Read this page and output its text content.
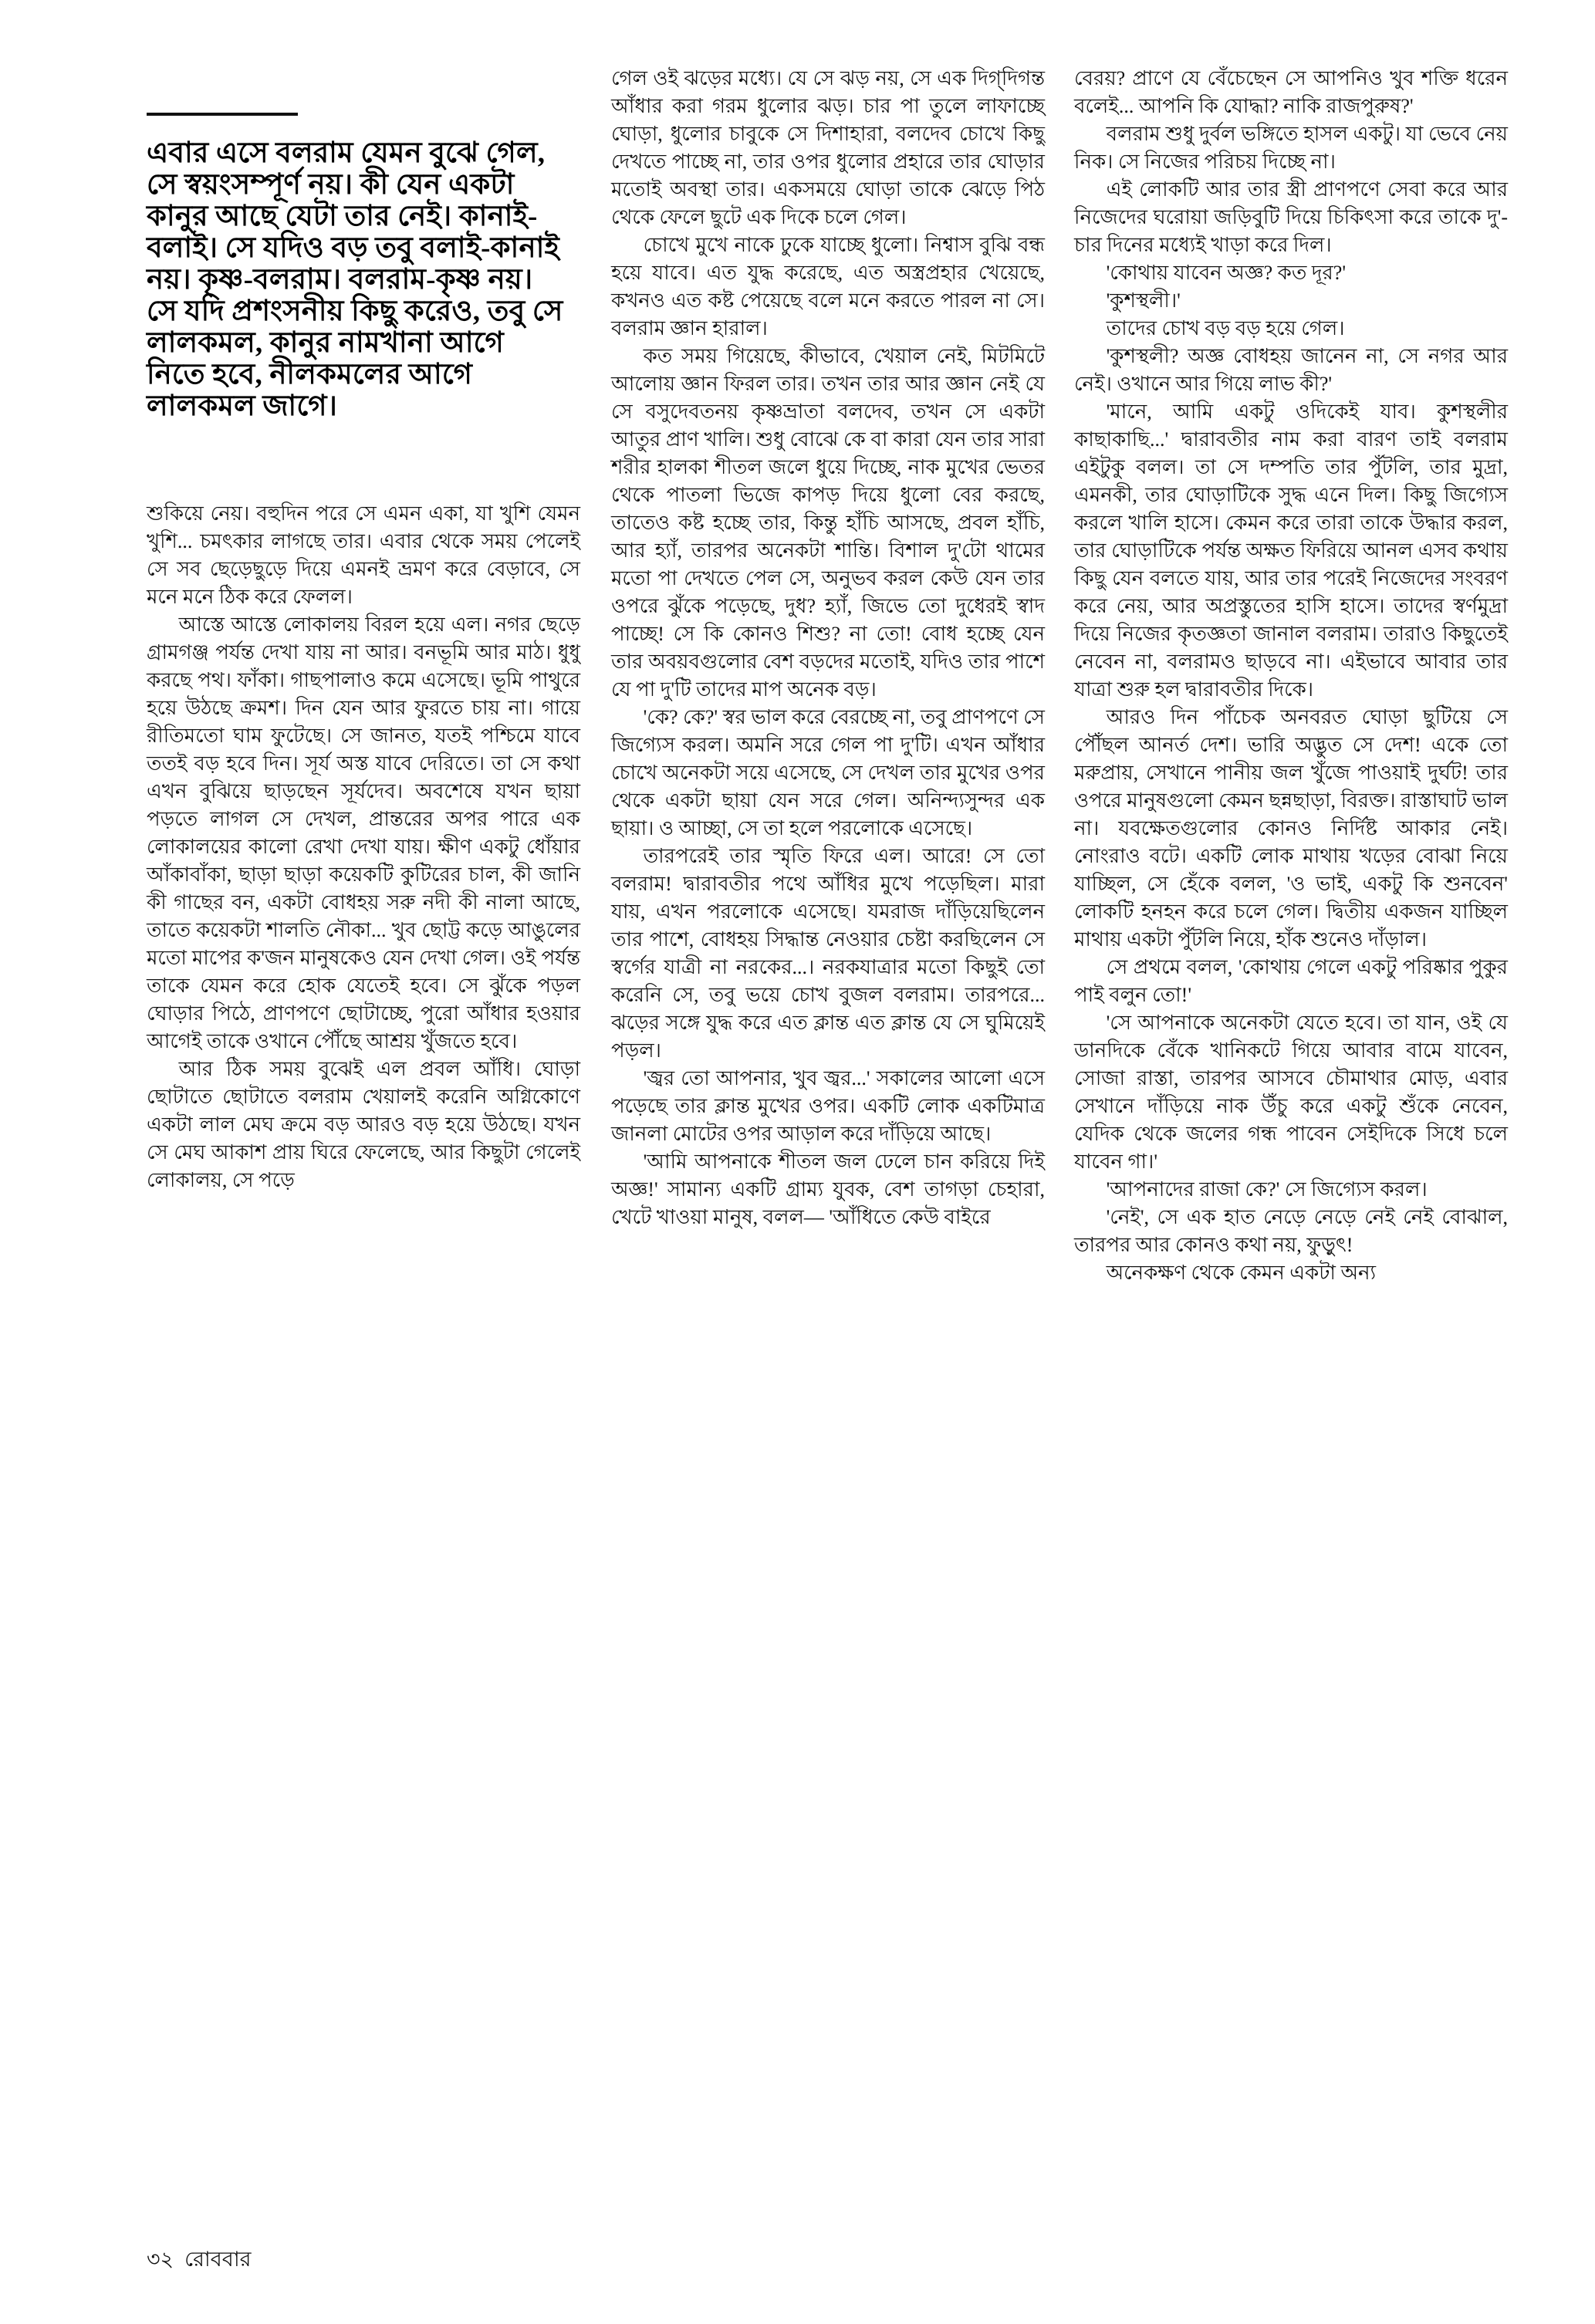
এবার এসে বলরাম যেমন বুঝে গেল, সে স্বয়ংসম্পূর্ণ নয়। কী যেন একটা কানুর আছে যেটা তার নেই। কানাই-বলাই। সে যদিও বড় তবু বলাই-কানাই নয়। কৃষ্ণ-বলরাম। বলরাম-কৃষ্ণ নয়। সে যদি প্রশংসনীয় কিছু করেও, তবু সে লালকমল, কানুর নামখানা আগে নিতে হবে, নীলকমলের আগে লালকমল জাগে।

শুকিয়ে নেয়। বহুদিন পরে সে এমন একা, যা খুশি যেমন খুশি... চমৎকার লাগছে তার। এবার থেকে সময় পেলেই সে সব ছেড়েছুড়ে দিয়ে এমনই ভ্রমণ করে বেড়াবে, সে মনে মনে ঠিক করে ফেলল।

আস্তে আস্তে লোকালয় বিরল হয়ে এল। নগর ছেড়ে গ্রামগঞ্জ পর্যন্ত দেখা যায় না আর। বনভূমি আর মাঠ। ধুধু করছে পথ। ফাঁকা। গাছপালাও কমে এসেছে। ভূমি পাথুরে হয়ে উঠছে ক্রমশ। দিন যেন আর ফুরতে চায় না। গায়ে রীতিমতো ঘাম ফুটেছে। সে জানত, যতই পশ্চিমে যাবে ততই বড় হবে দিন। সূর্য অস্ত যাবে দেরিতে। তা সে কথা এখন বুঝিয়ে ছাড়ছেন সূর্যদেব। অবশেষে যখন ছায়া পড়তে লাগল সে দেখল, প্রান্তরের অপর পারে এক লোকালয়ের কালো রেখা দেখা যায়। ক্ষীণ একটু ধোঁয়ার আঁকাবাঁকা, ছাড়া ছাড়া কয়েকটি কুটিরের চাল, কী জানি কী গাছের বন, একটা বোধহয় সরু নদী কী নালা আছে, তাতে কয়েকটা শালতি নৌকা... খুব ছোট্ট কড়ে আঙুলের মতো মাপের ক'জন মানুষকেও যেন দেখা গেল। ওই পর্যন্ত তাকে যেমন করে হোক যেতেই হবে। সে ঝুঁকে পড়ল ঘোড়ার পিঠে, প্রাণপণে ছোটাচ্ছে, পুরো আঁধার হওয়ার আগেই তাকে ওখানে পৌঁছে আশ্রয় খুঁজতে হবে।

আর ঠিক সময় বুঝেই এল প্রবল আঁধি। ঘোড়া ছোটাতে ছোটাতে বলরাম খেয়ালই করেনি অগ্নিকোণে একটা লাল মেঘ ক্রমে বড় আরও বড় হয়ে উঠছে। যখন সে মেঘ আকাশ প্রায় ঘিরে ফেলেছে, আর কিছুটা গেলেই লোকালয়, সে পড়ে

গেল ওই ঝড়ের মধ্যে। যে সে ঝড় নয়, সে এক দিগ্‌দিগন্ত আঁধার করা গরম ধুলোর ঝড়। চার পা তুলে লাফাচ্ছে ঘোড়া, ধুলোর চাবুকে সে দিশাহারা, বলদেব চোখে কিছু দেখতে পাচ্ছে না, তার ওপর ধুলোর প্রহারে তার ঘোড়ার মতোই অবস্থা তার। একসময়ে ঘোড়া তাকে ঝেড়ে পিঠ থেকে ফেলে ছুটে এক দিকে চলে গেল।

চোখে মুখে নাকে ঢুকে যাচ্ছে ধুলো। নিশ্বাস বুঝি বন্ধ হয়ে যাবে। এত যুদ্ধ করেছে, এত অস্ত্রপ্রহার খেয়েছে, কখনও এত কষ্ট পেয়েছে বলে মনে করতে পারল না সে। বলরাম জ্ঞান হারাল।

কত সময় গিয়েছে, কীভাবে, খেয়াল নেই, মিটমিটে আলোয় জ্ঞান ফিরল তার। তখন তার আর জ্ঞান নেই যে সে বসুদেবতনয় কৃষ্ণভ্রাতা বলদেব, তখন সে একটা আতুর প্রাণ খালি। শুধু বোঝে কে বা কারা যেন তার সারা শরীর হালকা শীতল জলে ধুয়ে দিচ্ছে, নাক মুখের ভেতর থেকে পাতলা ভিজে কাপড় দিয়ে ধুলো বের করছে, তাতেও কষ্ট হচ্ছে তার, কিন্তু হাঁচি আসছে, প্রবল হাঁচি, আর হ্যাঁ, তারপর অনেকটা শান্তি। বিশাল দু'টো থামের মতো পা দেখতে পেল সে, অনুভব করল কেউ যেন তার ওপরে ঝুঁকে পড়েছে, দুধ? হ্যাঁ, জিভে তো দুধেরই স্বাদ পাচ্ছে! সে কি কোনও শিশু? না তো! বোধ হচ্ছে যেন তার অবয়বগুলোর বেশ বড়দের মতোই, যদিও তার পাশে যে পা দু'টি তাদের মাপ অনেক বড়।

'কে? কে?' স্বর ভাল করে বেরচ্ছে না, তবু প্রাণপণে সে জিগ্যেস করল। অমনি সরে গেল পা দু'টি। এখন আঁধার চোখে অনেকটা সয়ে এসেছে, সে দেখল তার মুখের ওপর থেকে একটা ছায়া যেন সরে গেল। অনিন্দ্যসুন্দর এক ছায়া। ও আচ্ছা, সে তা হলে পরলোকে এসেছে।

তারপরেই তার স্মৃতি ফিরে এল। আরে! সে তো বলরাম! দ্বারাবতীর পথে আঁধির মুখে পড়েছিল। মারা যায়, এখন পরলোকে এসেছে। যমরাজ দাঁড়িয়েছিলেন তার পাশে, বোধহয় সিদ্ধান্ত নেওয়ার চেষ্টা করছিলেন সে স্বর্গের যাত্রী না নরকের...। নরকযাত্রার মতো কিছুই তো করেনি সে, তবু ভয়ে চোখ বুজল বলরাম। তারপরে... ঝড়ের সঙ্গে যুদ্ধ করে এত ক্লান্ত এত ক্লান্ত যে সে ঘুমিয়েই পড়ল।

'জ্বর তো আপনার, খুব জ্বর...' সকালের আলো এসে পড়েছে তার ক্লান্ত মুখের ওপর। একটি লোক একটিমাত্র জানলা মোটের ওপর আড়াল করে দাঁড়িয়ে আছে।

'আমি আপনাকে শীতল জল ঢেলে চান করিয়ে দিই অজ্ঞ!' সামান্য একটি গ্রাম্য যুবক, বেশ তাগড়া চেহারা, খেটে খাওয়া মানুষ, বলল— 'আঁধিতে কেউ বাইরে

বেরয়? প্রাণে যে বেঁচেছেন সে আপনিও খুব শক্তি ধরেন বলেই... আপনি কি যোদ্ধা? নাকি রাজপুরুষ?'

বলরাম শুধু দুর্বল ভঙ্গিতে হাসল একটু। যা ভেবে নেয় নিক। সে নিজের পরিচয় দিচ্ছে না।

এই লোকটি আর তার স্ত্রী প্রাণপণে সেবা করে আর নিজেদের ঘরোয়া জড়িবুটি দিয়ে চিকিৎসা করে তাকে দু'-চার দিনের মধ্যেই খাড়া করে দিল।

'কোথায় যাবেন অজ্ঞ? কত দূর?'

'কুশস্থলী।'

তাদের চোখ বড় বড় হয়ে গেল।

'কুশস্থলী? অজ্ঞ বোধহয় জানেন না, সে নগর আর নেই। ওখানে আর গিয়ে লাভ কী?'

'মানে, আমি একটু ওদিকেই যাব। কুশস্থলীর কাছাকাছি...' দ্বারাবতীর নাম করা বারণ তাই বলরাম এইটুকু বলল। তা সে দম্পতি তার পুঁটলি, তার মুদ্রা, এমনকী, তার ঘোড়াটিকে সুদ্ধ এনে দিল। কিছু জিগ্যেস করলে খালি হাসে। কেমন করে তারা তাকে উদ্ধার করল, তার ঘোড়াটিকে পর্যন্ত অক্ষত ফিরিয়ে আনল এসব কথায় কিছু যেন বলতে যায়, আর তার পরেই নিজেদের সংবরণ করে নেয়, আর অপ্রস্তুতের হাসি হাসে। তাদের স্বর্ণমুদ্রা দিয়ে নিজের কৃতজ্ঞতা জানাল বলরাম। তারাও কিছুতেই নেবেন না, বলরামও ছাড়বে না। এইভাবে আবার তার যাত্রা শুরু হল দ্বারাবতীর দিকে।

আরও দিন পাঁচেক অনবরত ঘোড়া ছুটিয়ে সে পৌঁছল আনর্ত দেশ। ভারি অদ্ভুত সে দেশ! একে তো মরুপ্রায়, সেখানে পানীয় জল খুঁজে পাওয়াই দুর্ঘট! তার ওপরে মানুষগুলো কেমন ছন্নছাড়া, বিরক্ত। রাস্তাঘাট ভাল না। যবক্ষেতগুলোর কোনও নির্দিষ্ট আকার নেই। নোংরাও বটে। একটি লোক মাথায় খড়ের বোঝা নিয়ে যাচ্ছিল, সে হেঁকে বলল, 'ও ভাই, একটু কি শুনবেন' লোকটি হনহন করে চলে গেল। দ্বিতীয় একজন যাচ্ছিল মাথায় একটা পুঁটলি নিয়ে, হাঁক শুনেও দাঁড়াল।

সে প্রথমে বলল, 'কোথায় গেলে একটু পরিষ্কার পুকুর পাই বলুন তো!'

'সে আপনাকে অনেকটা যেতে হবে। তা যান, ওই যে ডানদিকে বেঁকে খানিকটে গিয়ে আবার বামে যাবেন, সোজা রাস্তা, তারপর আসবে চৌমাথার মোড়, এবার সেখানে দাঁড়িয়ে নাক উঁচু করে একটু শুঁকে নেবেন, যেদিক থেকে জলের গন্ধ পাবেন সেইদিকে সিধে চলে যাবেন গা।'

'আপনাদের রাজা কে?' সে জিগ্যেস করল।

'নেই', সে এক হাত নেড়ে নেড়ে নেই নেই বোঝাল, তারপর আর কোনও কথা নয়, ফুড়ুৎ!

অনেকক্ষণ থেকে কেমন একটা অন্য

৩২ রোববার
